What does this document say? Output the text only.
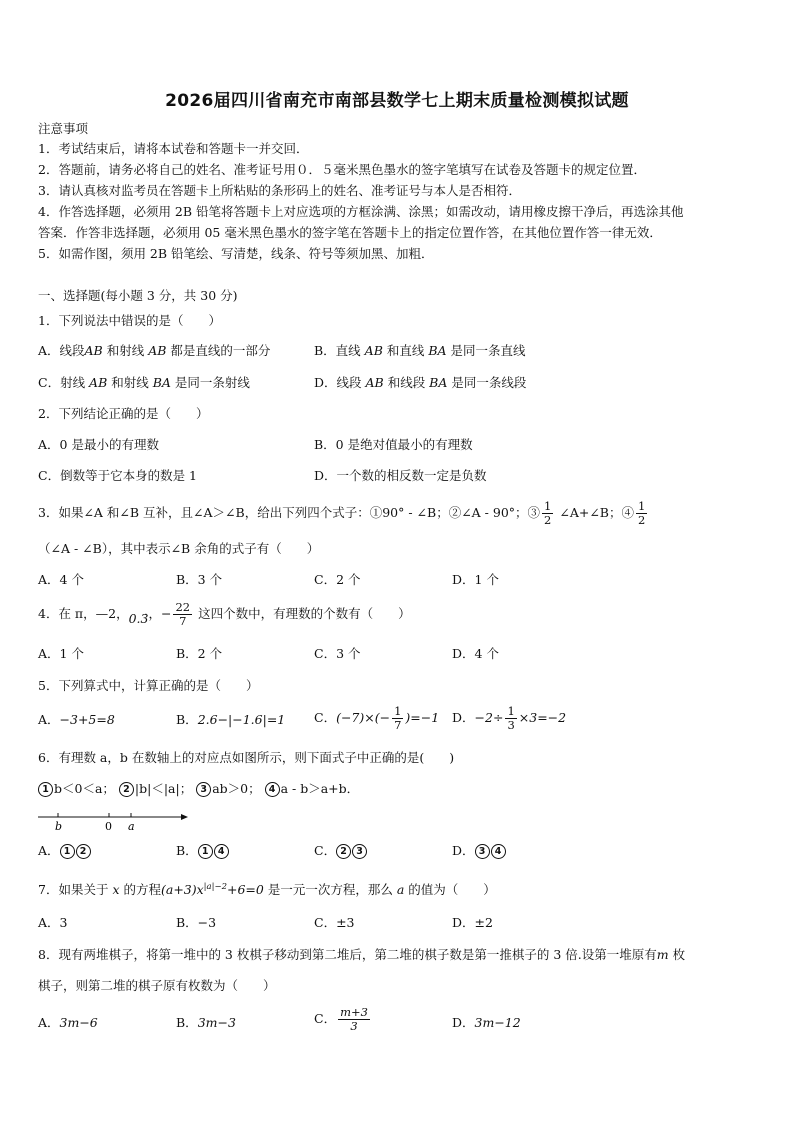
2026届四川省南充市南部县数学七上期末质量检测模拟试题
注意事项
1．考试结束后，请将本试卷和答题卡一并交回．
2．答题前，请务必将自己的姓名、准考证号用０．５毫米黑色墨水的签字笔填写在试卷及答题卡的规定位置．
3．请认真核对监考员在答题卡上所粘贴的条形码上的姓名、准考证号与本人是否相符．
4．作答选择题，必须用 2B 铅笔将答题卡上对应选项的方框涂满、涂黑；如需改动，请用橡皮擦干净后，再选涂其他
答案．作答非选择题，必须用 05 毫米黑色墨水的签字笔在答题卡上的指定位置作答，在其他位置作答一律无效．
5．如需作图，须用 2B 铅笔绘、写清楚，线条、符号等须加黑、加粗．
一、选择题(每小题 3 分，共 30 分)
1．下列说法中错误的是（　　）
A．线段AB 和射线 AB 都是直线的一部分	B．直线 AB 和直线 BA 是同一条直线
C．射线 AB 和射线 BA 是同一条射线	D．线段 AB 和线段 BA 是同一条线段
2．下列结论正确的是（　　）
A．0 是最小的有理数	B．0 是绝对值最小的有理数
C．倒数等于它本身的数是 1	D．一个数的相反数一定是负数
3．如果∠A 和∠B 互补，且∠A＞∠B，给出下列四个式子：①90° - ∠B；②∠A - 90°；③ $\frac{1}{2}$ ∠A+∠B；④ $\frac{1}{2}$
（∠A - ∠B），其中表示∠B 余角的式子有（　　）
A．4 个	B．3 个	C．2 个	D．1 个
4．在 π，—2，0.3̇，− $\frac{22}{7}$ 这四个数中，有理数的个数有（　　）
A．1 个	B．2 个	C．3 个	D．4 个
5．下列算式中，计算正确的是（　　）
A．−3+5=8	B．2.6−|−1.6|=1 C．$(-7)\times(- \frac{1}{7} )=-1$ D．$-2\div \frac{1}{3} \times 3=-2$
6．有理数 a，b 在数轴上的对应点如图所示，则下面式子中正确的是(　　)
1 b＜0＜a； 2 |b|＜|a|； 3 ab＞0； 4 a - b＞a+b．
b	0 a
A． 1 2	B． 1 4	C． 2 3	D． 3 4
7．如果关于 x 的方程$(a+3)x^{|a|-2}+6=0$ 是一元一次方程，那么 a 的值为（　　）
A．3	B．−3	C．±3	D．±2
8．现有两堆棋子，将第一堆中的 3 枚棋子移动到第二堆后，第二堆的棋子数是第一推棋子的 3 倍.设第一堆原有m 枚
棋子，则第二堆的棋子原有枚数为（　　）
A．3m−6	B．3m−3	C． $\frac{m+3}{3}$	D．3m−12
